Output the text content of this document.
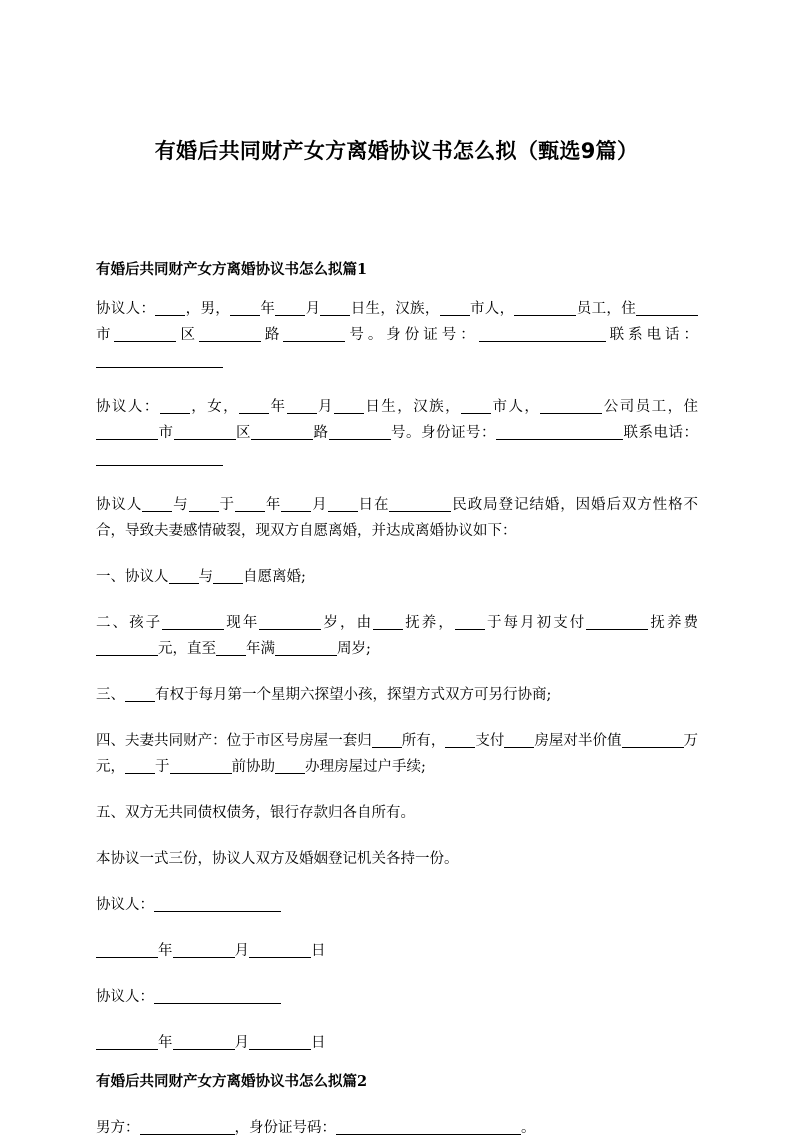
有婚后共同财产女方离婚协议书怎么拟（甄选9篇）
有婚后共同财产女方离婚协议书怎么拟篇1
协议人： ，男， 年 月 日生，汉族， 市人，	员工，住市	区	路	号。身份证号：	联系电话：
协议人： ，女， 年 月 日生，汉族， 市人，	公司员工，住市	区	路	号。身份证号：	联系电话：
协议人 与 于 年 月 日在	民政局登记结婚，因婚后双方性格不合，导致夫妻感情破裂，现双方自愿离婚，并达成离婚协议如下：
一、协议人 与 自愿离婚;
二、孩子	现年	岁，由 抚养， 于每月初支付	抚养费元，直至 年满	周岁;
三、 有权于每月第一个星期六探望小孩，探望方式双方可另行协商;
四、夫妻共同财产：位于市区号房屋一套归 所有， 支付 房屋对半价值	万元， 于	前协助 办理房屋过户手续;
五、双方无共同债权债务，银行存款归各自所有。
本协议一式三份，协议人双方及婚姻登记机关各持一份。
协议人：
年	月	日
协议人：
年	月	日
有婚后共同财产女方离婚协议书怎么拟篇2
男方：	，身份证号码：	。
